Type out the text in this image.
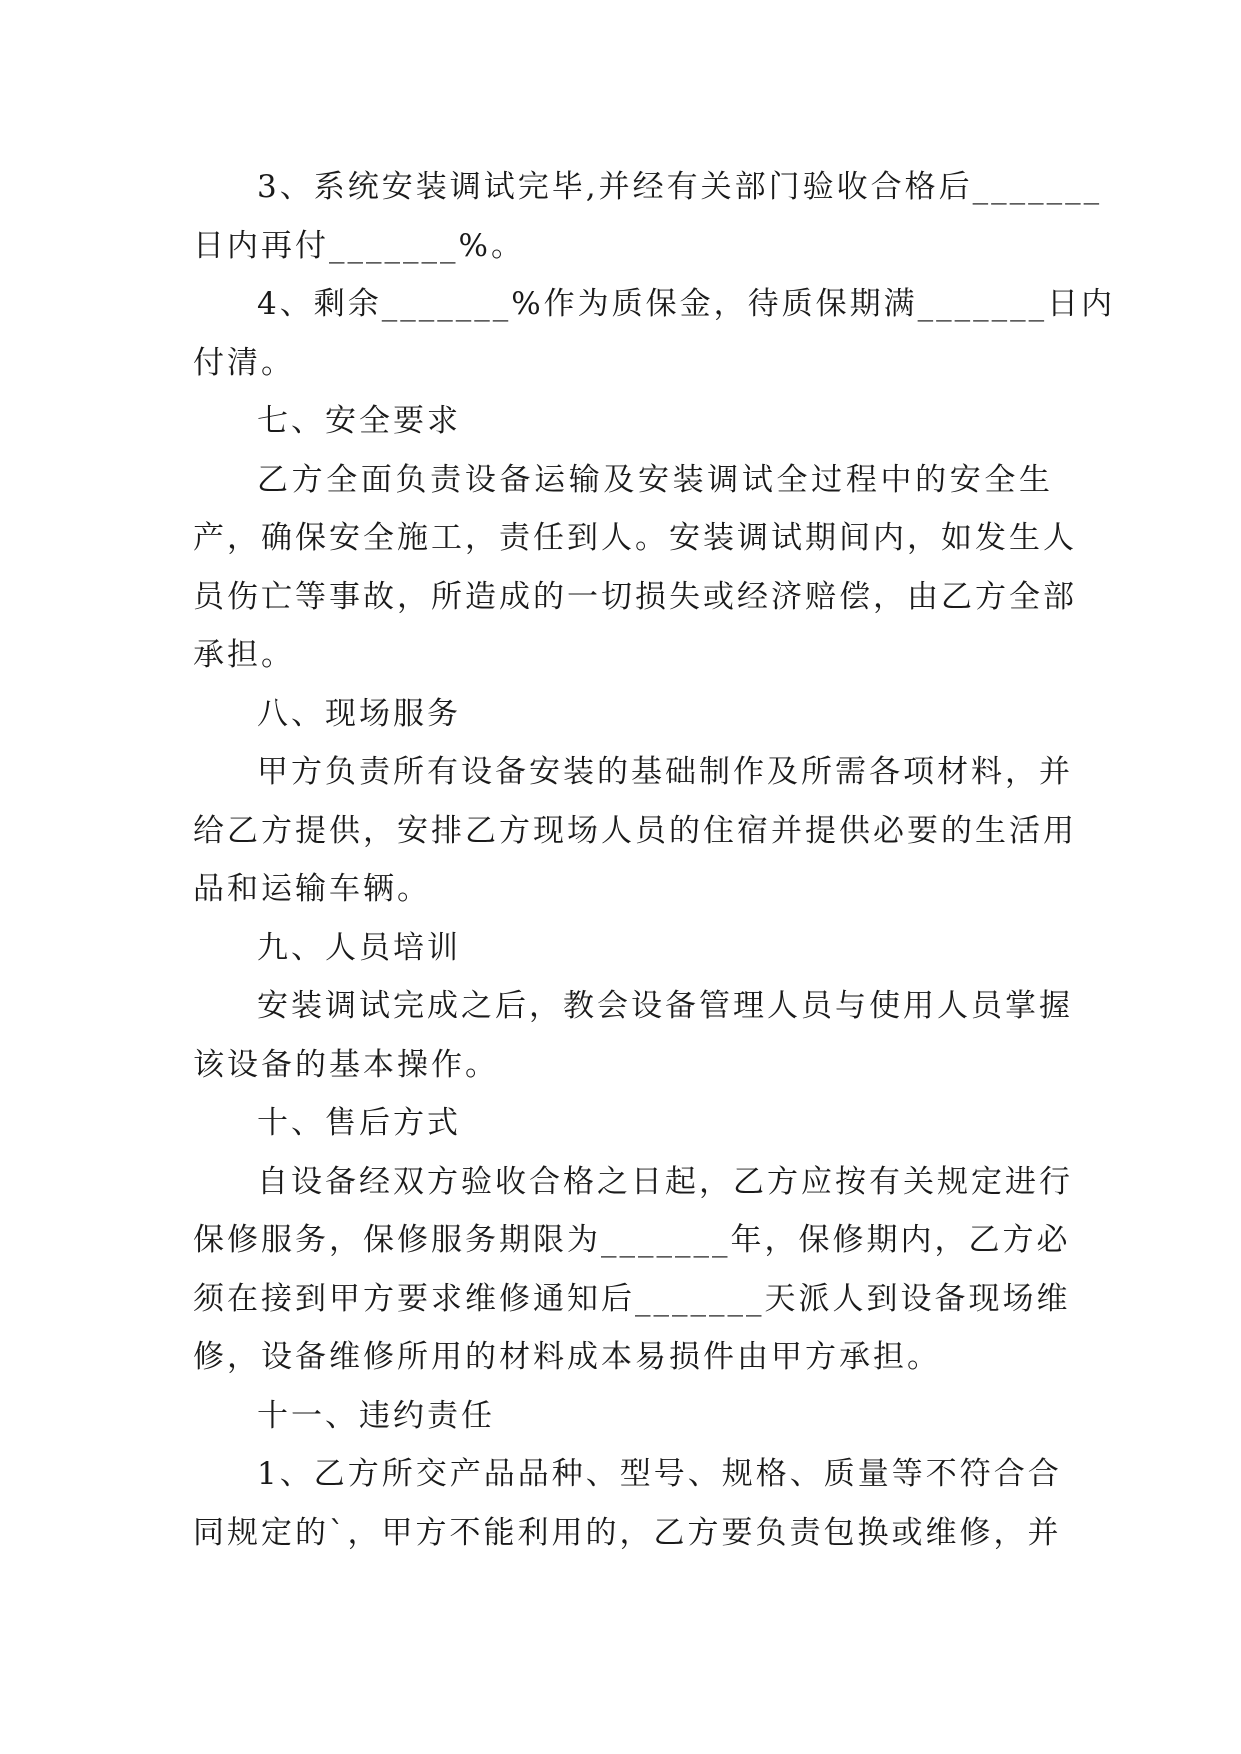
3、系统安装调试完毕,并经有关部门验收合格后_______
日内再付_______%。
4、剩余_______%作为质保金，待质保期满_______日内
付清。
七、安全要求
乙方全面负责设备运输及安装调试全过程中的安全生
产，确保安全施工，责任到人。安装调试期间内，如发生人
员伤亡等事故，所造成的一切损失或经济赔偿，由乙方全部
承担。
八、现场服务
甲方负责所有设备安装的基础制作及所需各项材料，并
给乙方提供，安排乙方现场人员的住宿并提供必要的生活用
品和运输车辆。
九、人员培训
安装调试完成之后，教会设备管理人员与使用人员掌握
该设备的基本操作。
十、售后方式
自设备经双方验收合格之日起，乙方应按有关规定进行
保修服务，保修服务期限为_______年，保修期内，乙方必
须在接到甲方要求维修通知后_______天派人到设备现场维
修，设备维修所用的材料成本易损件由甲方承担。
十一、违约责任
1、乙方所交产品品种、型号、规格、质量等不符合合
同规定的`，甲方不能利用的，乙方要负责包换或维修，并
